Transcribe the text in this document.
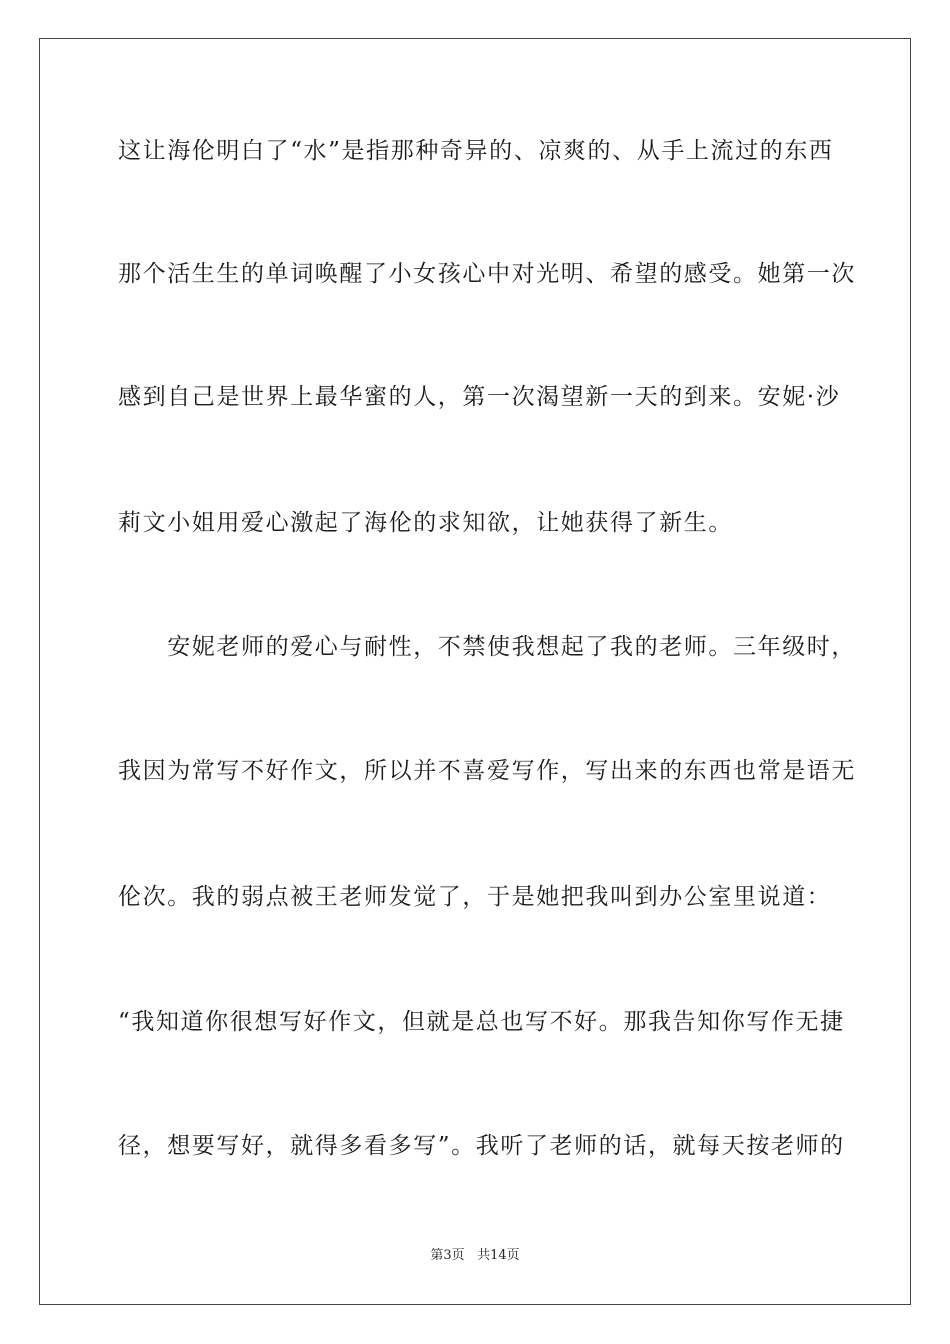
这让海伦明白了“水”是指那种奇异的、凉爽的、从手上流过的东西

那个活生生的单词唤醒了小女孩心中对光明、希望的感受。她第一次

感到自己是世界上最华蜜的人，第一次渴望新一天的到来。安妮·沙

莉文小姐用爱心激起了海伦的求知欲，让她获得了新生。

　　安妮老师的爱心与耐性，不禁使我想起了我的老师。三年级时，

我因为常写不好作文，所以并不喜爱写作，写出来的东西也常是语无

伦次。我的弱点被王老师发觉了，于是她把我叫到办公室里说道：

“我知道你很想写好作文，但就是总也写不好。那我告知你写作无捷

径，想要写好，就得多看多写”。我听了老师的话，就每天按老师的

第3页 共14页
